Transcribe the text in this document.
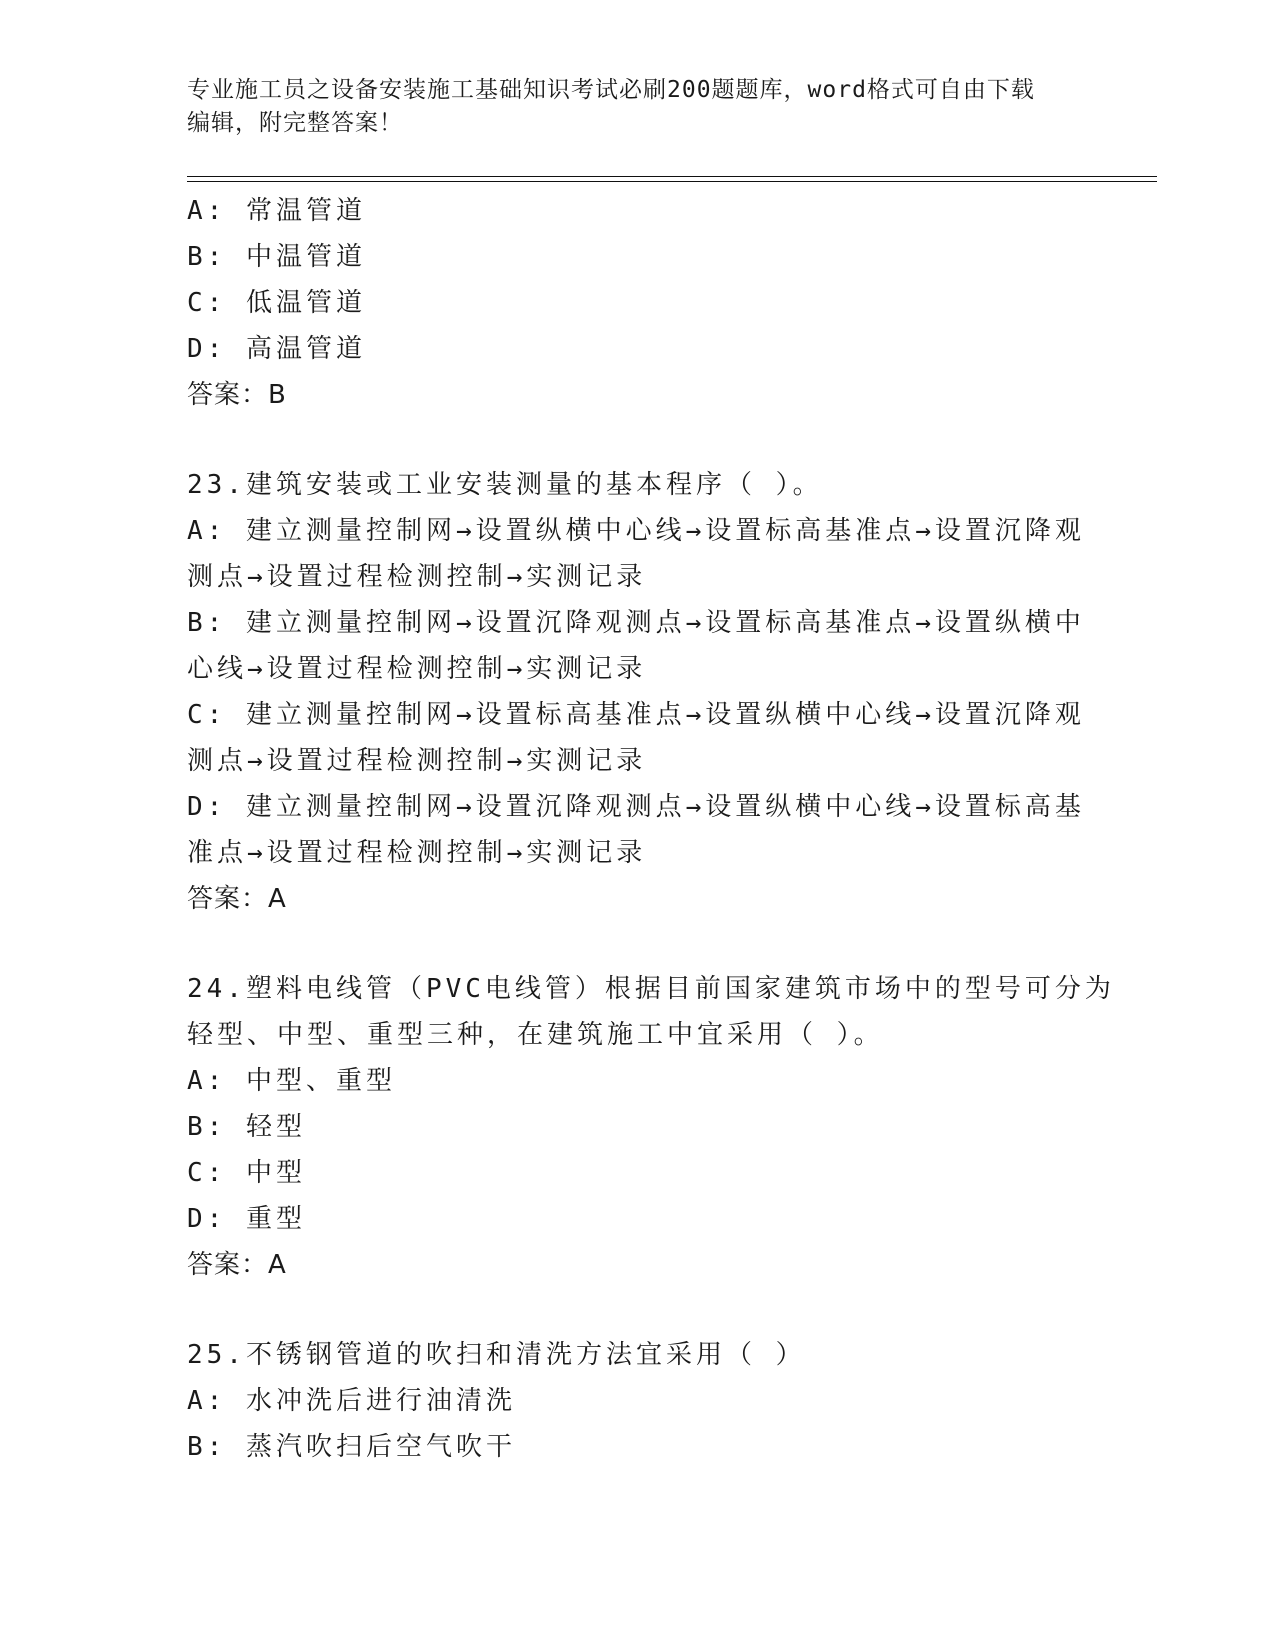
专业施工员之设备安装施工基础知识考试必刷200题题库，word格式可自由下载
编辑，附完整答案！
A: 常温管道
B: 中温管道
C: 低温管道
D: 高温管道
答案：B
23.建筑安装或工业安装测量的基本程序（ ）。
A: 建立测量控制网→设置纵横中心线→设置标高基准点→设置沉降观
测点→设置过程检测控制→实测记录
B: 建立测量控制网→设置沉降观测点→设置标高基准点→设置纵横中
心线→设置过程检测控制→实测记录
C: 建立测量控制网→设置标高基准点→设置纵横中心线→设置沉降观
测点→设置过程检测控制→实测记录
D: 建立测量控制网→设置沉降观测点→设置纵横中心线→设置标高基
准点→设置过程检测控制→实测记录
答案：A
24.塑料电线管（PVC电线管）根据目前国家建筑市场中的型号可分为
轻型、中型、重型三种，在建筑施工中宜采用（ ）。
A: 中型、重型
B: 轻型
C: 中型
D: 重型
答案：A
25.不锈钢管道的吹扫和清洗方法宜采用（ ）
A: 水冲洗后进行油清洗
B: 蒸汽吹扫后空气吹干
